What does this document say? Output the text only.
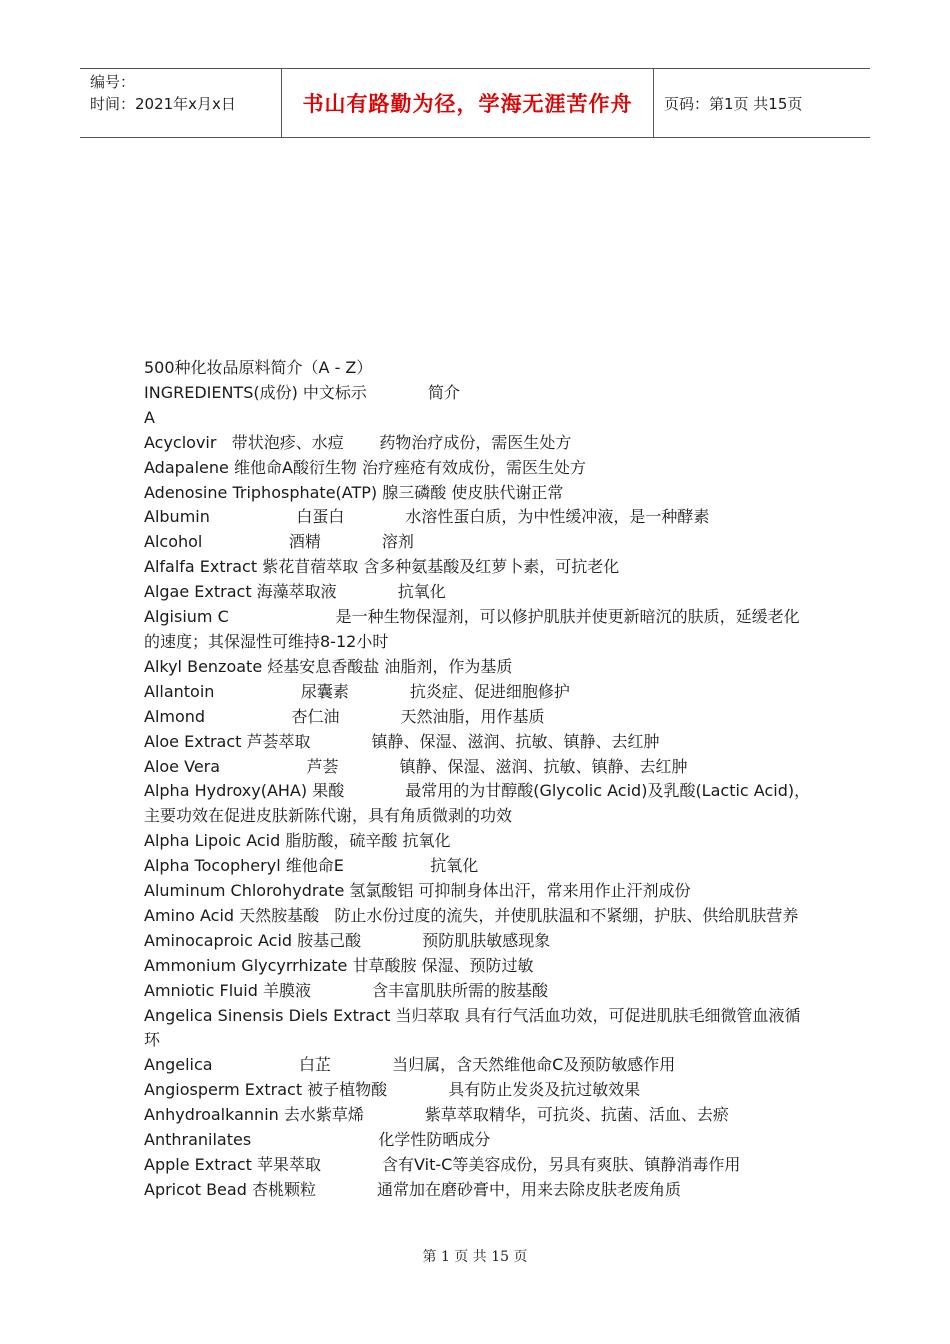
编号：
时间：2021年x月x日	书山有路勤为径，学海无涯苦作舟	页码：第1页 共15页
500种化妆品原料简介（A - Z）
INGREDIENTS(成份) 中文标示            简介
A
Acyclovir   带状泡疹、水痘       药物治疗成份，需医生处方
Adapalene 维他命A酸衍生物 治疗痤疮有效成份，需医生处方
Adenosine Triphosphate(ATP) 腺三磷酸 使皮肤代谢正常
Albumin                 白蛋白            水溶性蛋白质，为中性缓冲液，是一种酵素
Alcohol                 酒精            溶剂
Alfalfa Extract 紫花苜蓿萃取 含多种氨基酸及红萝卜素，可抗老化
Algae Extract 海藻萃取液            抗氧化
Algisium C                     是一种生物保湿剂，可以修护肌肤并使更新暗沉的肤质，延缓老化的速度；其保湿性可维持8-12小时
Alkyl Benzoate 烃基安息香酸盐 油脂剂，作为基质
Allantoin                 尿囊素            抗炎症、促进细胞修护
Almond                 杏仁油            天然油脂，用作基质
Aloe Extract 芦荟萃取            镇静、保湿、滋润、抗敏、镇静、去红肿
Aloe Vera                 芦荟            镇静、保湿、滋润、抗敏、镇静、去红肿
Alpha Hydroxy(AHA) 果酸            最常用的为甘醇酸(Glycolic Acid)及乳酸(Lactic Acid)，主要功效在促进皮肤新陈代谢，具有角质微剥的功效
Alpha Lipoic Acid 脂肪酸，硫辛酸 抗氧化
Alpha Tocopheryl 维他命E                 抗氧化
Aluminum Chlorohydrate 氢氯酸铝 可抑制身体出汗，常来用作止汗剂成份
Amino Acid 天然胺基酸   防止水份过度的流失，并使肌肤温和不紧绷，护肤、供给肌肤营养
Aminocaproic Acid 胺基己酸            预防肌肤敏感现象
Ammonium Glycyrrhizate 甘草酸胺 保湿、预防过敏
Amniotic Fluid 羊膜液            含丰富肌肤所需的胺基酸
Angelica Sinensis Diels Extract 当归萃取 具有行气活血功效，可促进肌肤毛细微管血液循环
Angelica                 白芷            当归属，含天然维他命C及预防敏感作用
Angiosperm Extract 被子植物酸            具有防止发炎及抗过敏效果
Anhydroalkannin 去水紫草烯            紫草萃取精华，可抗炎、抗菌、活血、去瘀
Anthranilates                         化学性防晒成分
Apple Extract 苹果萃取            含有Vit-C等美容成份，另具有爽肤、镇静消毒作用
Apricot Bead 杏桃颗粒            通常加在磨砂膏中，用来去除皮肤老废角质
第 1 页 共 15 页
